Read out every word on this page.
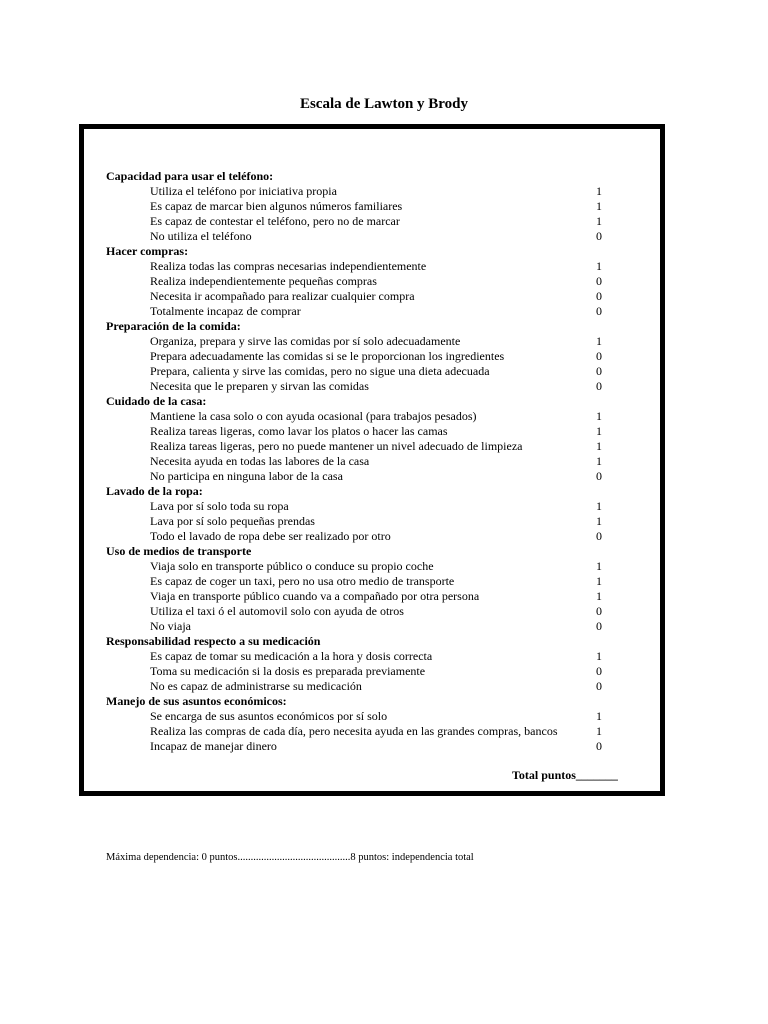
Escala de Lawton y Brody
Capacidad para usar el teléfono:
Utiliza el teléfono por iniciativa propia	1
Es capaz de marcar bien algunos números familiares	1
Es capaz de contestar el teléfono, pero no de marcar	1
No utiliza el teléfono	0
Hacer compras:
Realiza todas las compras necesarias independientemente	1
Realiza independientemente pequeñas compras	0
Necesita ir acompañado para realizar cualquier compra	0
Totalmente incapaz de comprar	0
Preparación de la comida:
Organiza, prepara y sirve las comidas por sí solo adecuadamente	1
Prepara adecuadamente las comidas si se le proporcionan los ingredientes	0
Prepara, calienta y sirve las comidas, pero no sigue una dieta adecuada	0
Necesita que le preparen y sirvan las comidas	0
Cuidado de la casa:
Mantiene la casa solo o con ayuda ocasional (para trabajos pesados)	1
Realiza tareas ligeras, como lavar los platos o hacer las camas	1
Realiza tareas ligeras, pero no puede mantener un nivel adecuado de limpieza	1
Necesita ayuda en todas las labores de la casa	1
No participa en ninguna labor de la casa	0
Lavado de la ropa:
Lava por sí solo toda su ropa	1
Lava por sí solo pequeñas prendas	1
Todo el lavado de ropa debe ser realizado por otro	0
Uso de medios de transporte
Viaja solo en transporte público o conduce su propio coche	1
Es capaz de coger un taxi, pero no usa otro medio de transporte	1
Viaja en transporte público cuando va a compañado por otra persona	1
Utiliza el taxi ó el automovil solo con ayuda de otros	0
No viaja	0
Responsabilidad respecto a su medicación
Es capaz de tomar su medicación a la hora y dosis correcta	1
Toma su medicación si la dosis es preparada previamente	0
No es capaz de administrarse su medicación	0
Manejo de sus asuntos económicos:
Se encarga de sus asuntos económicos por sí solo	1
Realiza las compras de cada día, pero necesita ayuda en las grandes compras, bancos	1
Incapaz de manejar dinero	0
Total puntos_______
Máxima dependencia: 0 puntos...........................................8 puntos: independencia total
